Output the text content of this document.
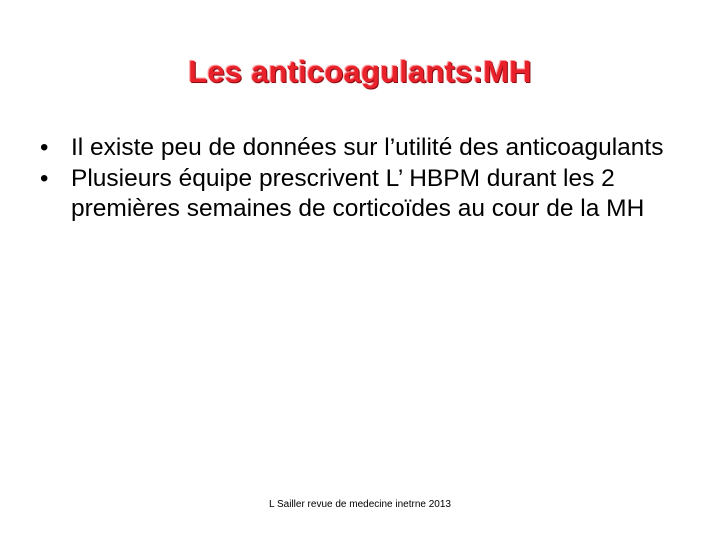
Les anticoagulants:MH
• Il existe peu de données sur l’utilité des anticoagulants
• Plusieurs équipe prescrivent L’ HBPM durant les 2 premières semaines de corticoïdes au cour de la MH
L Sailler revue de medecine inetrne 2013
